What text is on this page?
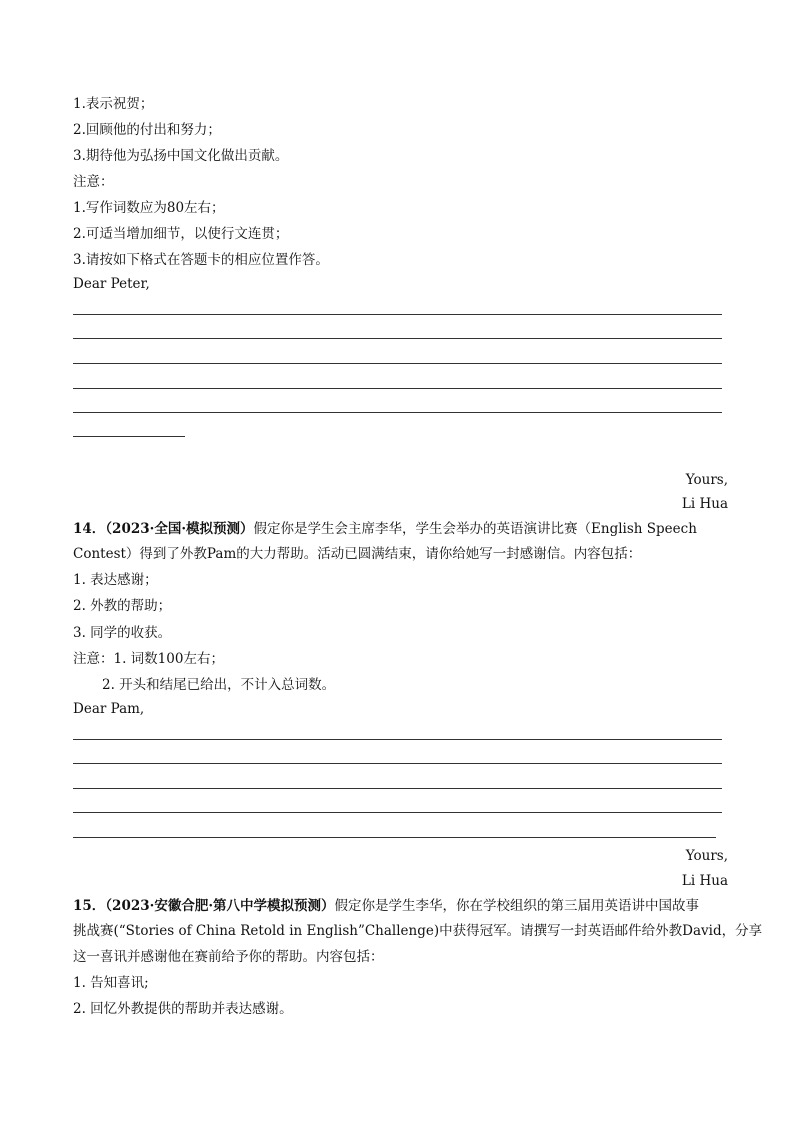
1.表示祝贺；
2.回顾他的付出和努力；
3.期待他为弘扬中国文化做出贡献。
注意：
1.写作词数应为80左右；
2.可适当增加细节，以使行文连贯；
3.请按如下格式在答题卡的相应位置作答。
Dear Peter,
Yours,
Li Hua
14．（2023·全国·模拟预测）假定你是学生会主席李华，学生会举办的英语演讲比赛（English Speech
Contest）得到了外教Pam的大力帮助。活动已圆满结束，请你给她写一封感谢信。内容包括：
1. 表达感谢；
2. 外教的帮助；
3. 同学的收获。
注意：1. 词数100左右；
2. 开头和结尾已给出，不计入总词数。
Dear Pam,
Yours,
Li Hua
15．（2023·安徽合肥·第八中学模拟预测）假定你是学生李华，你在学校组织的第三届用英语讲中国故事
挑战赛(“Stories of China Retold in English”Challenge)中获得冠军。请撰写一封英语邮件给外教David，分享
这一喜讯并感谢他在赛前给予你的帮助。内容包括：
1. 告知喜讯;
2. 回忆外教提供的帮助并表达感谢。
